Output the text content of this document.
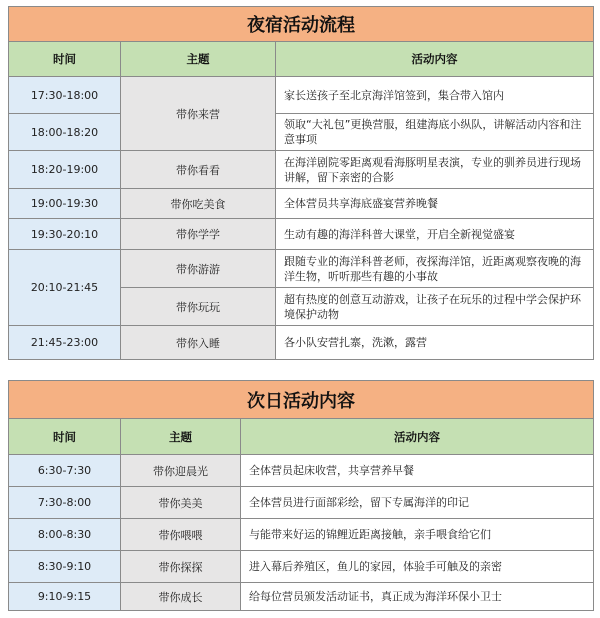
夜宿活动流程		
时间	主题	活动内容
17:30-18:00	带你来营	家长送孩子至北京海洋馆签到，集合带入馆内
18:00-18:20		领取“大礼包”更换营服，组建海底小纵队，讲解活动内容和注意事项
18:20-19:00	带你看看	在海洋剧院零距离观看海豚明星表演，专业的驯养员进行现场讲解，留下亲密的合影
19:00-19:30	带你吃美食	全体营员共享海底盛宴营养晚餐
19:30-20:10	带你学学	生动有趣的海洋科普大课堂，开启全新视觉盛宴
20:10-21:45	带你游游	跟随专业的海洋科普老师，夜探海洋馆，近距离观察夜晚的海洋生物，听听那些有趣的小事故
	带你玩玩	超有热度的创意互动游戏，让孩子在玩乐的过程中学会保护环境保护动物
21:45-23:00	带你入睡	各小队安营扎寨，洗漱，露营
次日活动内容		
时间	主题	活动内容
6:30-7:30	带你迎晨光	全体营员起床收营，共享营养早餐
7:30-8:00	带你美美	全体营员进行面部彩绘，留下专属海洋的印记
8:00-8:30	带你喂喂	与能带来好运的锦鲤近距离接触，亲手喂食给它们
8:30-9:10	带你探探	进入幕后养殖区，鱼儿的家园，体验手可触及的亲密
9:10-9:15	带你成长	给每位营员颁发活动证书，真正成为海洋环保小卫士
